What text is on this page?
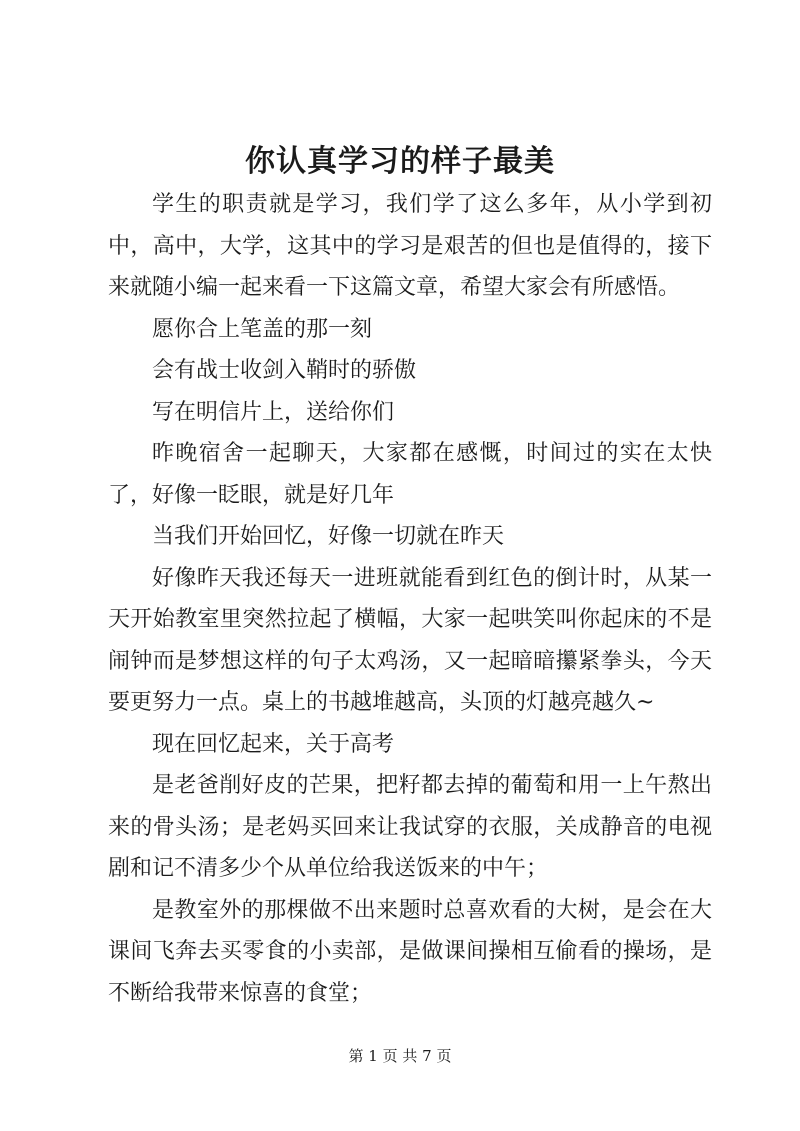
你认真学习的样子最美

学生的职责就是学习，我们学了这么多年，从小学到初中，高中，大学，这其中的学习是艰苦的但也是值得的，接下来就随小编一起来看一下这篇文章，希望大家会有所感悟。

愿你合上笔盖的那一刻

会有战士收剑入鞘时的骄傲

写在明信片上，送给你们

昨晚宿舍一起聊天，大家都在感慨，时间过的实在太快了，好像一眨眼，就是好几年

当我们开始回忆，好像一切就在昨天

好像昨天我还每天一进班就能看到红色的倒计时，从某一天开始教室里突然拉起了横幅，大家一起哄笑叫你起床的不是闹钟而是梦想这样的句子太鸡汤，又一起暗暗攥紧拳头，今天要更努力一点。桌上的书越堆越高，头顶的灯越亮越久~

现在回忆起来，关于高考

是老爸削好皮的芒果，把籽都去掉的葡萄和用一上午熬出来的骨头汤；是老妈买回来让我试穿的衣服，关成静音的电视剧和记不清多少个从单位给我送饭来的中午；

是教室外的那棵做不出来题时总喜欢看的大树，是会在大课间飞奔去买零食的小卖部，是做课间操相互偷看的操场，是不断给我带来惊喜的食堂；

第 1 页 共 7 页
